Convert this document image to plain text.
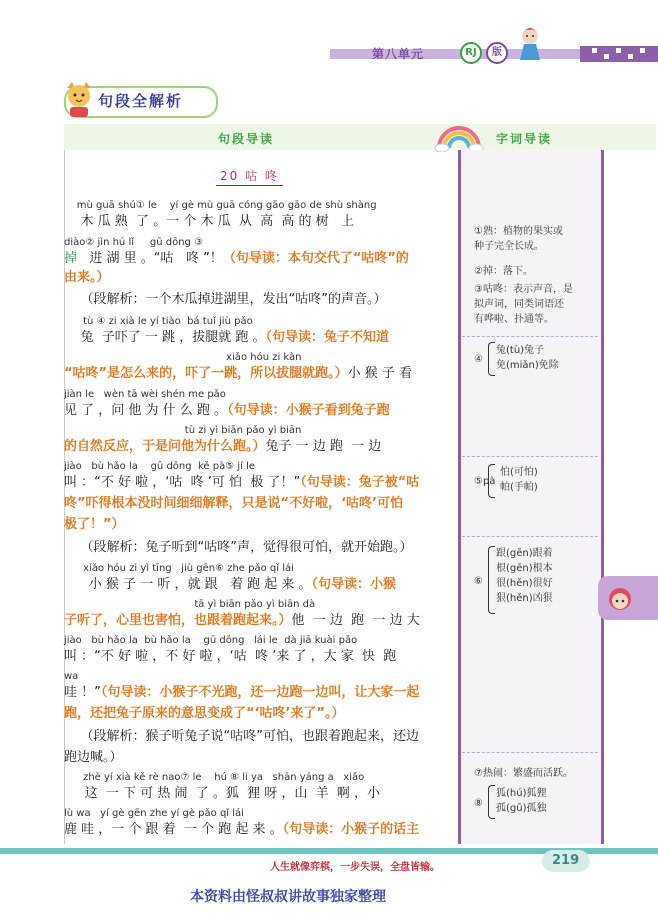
第八单元	RJ	版
句段全解析
句段导读	字词导读
20 咕 咚
mù guā shú① le    yí gè mù guā cóng gāo gāo de shù shàng
木 瓜 熟  了 。一 个 木 瓜  从  高  高 的 树   上
diào② jìn hú lǐ     gū dōng ③
掉   进 湖 里 。“咕   咚 ”！（句导读：本句交代了“咕咚”的
由来。）
（段解析：一个木瓜掉进湖里，发出“咕咚”的声音。）
tù ④ zi xià le yí tiào  bá tuǐ jiù pǎo
兔  子吓了 一 跳 ，拔腿就 跑 。（句导读：兔子不知道
xiǎo hóu zi kàn
“咕咚”是怎么来的，吓了一跳，所以拔腿就跑。）小 猴 子 看
jiàn le   wèn tā wèi shén me pǎo
见 了 ，问 他 为 什 么 跑 。（句导读：小猴子看到兔子跑
tù zi yì biān pǎo yì biān
的自然反应，于是问他为什么跑。）兔子 一 边 跑  一 边
jiào   bù hǎo la    gū dōng  kě pà⑤ jí le
叫 ：“不 好 啦 ，‘咕  咚 ’可 怕  极 了！”（句导读：兔子被“咕
咚”吓得根本没时间细细解释，只是说“不好啦，‘咕咚’可怕
极了！”）
（段解析：兔子听到“咕咚”声，觉得很可怕，就开始跑。）
xiǎo hóu zi yì tīng   jiù gēn⑥ zhe pǎo qǐ lái
小 猴 子 一 听 ，就 跟   着 跑 起 来 。（句导读：小猴
tā yì biān pǎo yì biān dà
子听了，心里也害怕，也跟着跑起来。）他  一 边  跑  一 边 大
jiào   bù hǎo la  bù hǎo la    gū dōng   lái le  dà jiā kuài pǎo
叫 ：“不 好 啦 ，不 好 啦 ，‘咕  咚 ’来 了 ，大 家  快  跑
wa
哇 ！”（句导读：小猴子不光跑，还一边跑一边叫，让大家一起
跑，还把兔子原来的意思变成了“‘咕咚’来了”。）
（段解析：猴子听兔子说“咕咚”可怕，也跟着跑起来，还边
跑边喊。）
zhè yí xià kě rè nao⑦ le    hú ⑧ li ya   shān yáng a   xiǎo
这  一 下 可 热 闹  了 。狐  狸 呀 ，山  羊  啊 ，小
lù wa   yí gè gēn zhe yí gè pǎo qǐ lái
鹿 哇 ，一 个 跟 着  一 个 跑 起 来 。（句导读：小猴子的话主
①熟：植物的果实或
种子完全长成。
②掉：落下。
③咕咚：表示声音，是
拟声词，同类词语还
有哗啦、扑通等。
④
兔(tù)兔子
免(miǎn)免除
⑤pà
怕(可怕)
帕(手帕)
⑥
跟(gēn)跟着
根(gēn)根本
很(hěn)很好
狠(hěn)凶狠
⑦热闹：繁盛而活跃。
⑧
狐(hú)狐狸
孤(gū)孤独
人生就像弈棋，一步失误，全盘皆输。	219
本资料由怪叔叔讲故事独家整理
